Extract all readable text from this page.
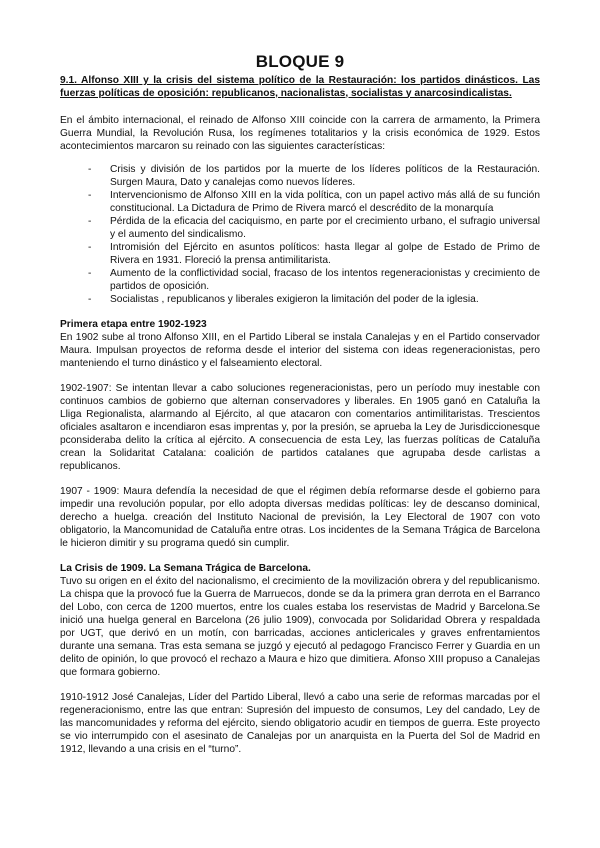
BLOQUE 9
9.1. Alfonso XIII y la crisis del sistema político de la Restauración: los partidos dinásticos. Las fuerzas políticas de oposición: republicanos, nacionalistas, socialistas y anarcosindicalistas.

En el ámbito internacional, el reinado de Alfonso XIII coincide con la carrera de armamento, la Primera Guerra Mundial, la Revolución Rusa, los regímenes totalitarios y la crisis económica de 1929. Estos acontecimientos marcaron su reinado con las siguientes características:

- Crisis y división de los partidos por la muerte de los líderes políticos de la Restauración. Surgen Maura, Dato y canalejas como nuevos líderes.
- Intervencionismo de Alfonso XIII en la vida política, con un papel activo más allá de su función constitucional. La Dictadura de Primo de Rivera marcó el descrédito de la monarquía
- Pérdida de la eficacia del caciquismo, en parte por el crecimiento urbano, el sufragio universal y el aumento del sindicalismo.
- Intromisión del Ejército en asuntos políticos: hasta llegar al golpe de Estado de Primo de Rivera en 1931. Floreció la prensa antimilitarista.
- Aumento de la conflictividad social, fracaso de los intentos regeneracionistas y crecimiento de partidos de oposición.
- Socialistas , republicanos y liberales exigieron la limitación del poder de la iglesia.
Primera etapa entre 1902-1923

En 1902 sube al trono Alfonso XIII, en el Partido Liberal se instala Canalejas y en el Partido conservador Maura. Impulsan proyectos de reforma desde el interior del sistema con ideas regeneracionistas, pero manteniendo el turno dinástico y el falseamiento electoral.

1902-1907: Se intentan llevar a cabo soluciones regeneracionistas, pero un período muy inestable con continuos cambios de gobierno que alternan conservadores y liberales. En 1905 ganó en Cataluña la Lliga Regionalista, alarmando al Ejército, al que atacaron con comentarios antimilitaristas. Trescientos oficiales asaltaron e incendiaron esas imprentas y, por la presión, se aprueba la Ley de Jurisdiccionesque pconsideraba delito la crítica al ejército. A consecuencia de esta Ley, las fuerzas políticas de Cataluña crean la Solidaritat Catalana: coalición de partidos catalanes que agrupaba desde carlistas a republicanos.

1907 - 1909: Maura defendía la necesidad de que el régimen debía reformarse desde el gobierno para impedir una revolución popular, por ello adopta diversas medidas políticas: ley de descanso dominical, derecho a huelga. creación del Instituto Nacional de previsión, la Ley Electoral de 1907 con voto obligatorio, la Mancomunidad de Cataluña entre otras. Los incidentes de la Semana Trágica de Barcelona le hicieron dimitir y su programa quedó sin cumplir.

La Crisis de 1909. La Semana Trágica de Barcelona.

Tuvo su origen en el éxito del nacionalismo, el crecimiento de la movilización obrera y del republicanismo. La chispa que la provocó fue la Guerra de Marruecos, donde se da la primera gran derrota en el Barranco del Lobo, con cerca de 1200 muertos, entre los cuales estaba los reservistas de Madrid y Barcelona.Se inició una huelga general en Barcelona (26 julio 1909), convocada por Solidaridad Obrera y respaldada por UGT, que derivó en un motín, con barricadas, acciones anticlericales y graves enfrentamientos durante una semana. Tras esta semana se juzgó y ejecutó al pedagogo Francisco Ferrer y Guardia en un delito de opinión, lo que provocó el rechazo a Maura e hizo que dimitiera. Afonso XIII propuso a Canalejas que formara gobierno.

1910-1912 José Canalejas, Líder del Partido Liberal, llevó a cabo una serie de reformas marcadas por el regeneracionismo, entre las que entran: Supresión del impuesto de consumos, Ley del candado, Ley de las mancomunidades y reforma del ejército, siendo obligatorio acudir en tiempos de guerra. Este proyecto se vio interrumpido con el asesinato de Canalejas por un anarquista en la Puerta del Sol de Madrid en 1912, llevando a una crisis en el “turno”.
